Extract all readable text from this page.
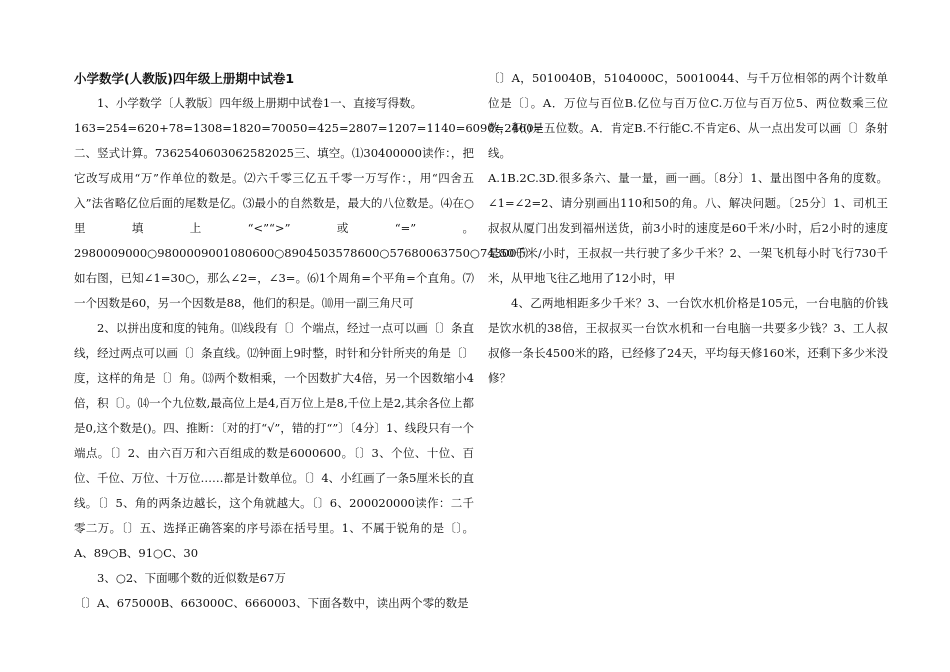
小学数学(人教版)四年级上册期中试卷1

1、小学数学〔人教版〕四年级上册期中试卷1一、直接写得数。

163=254=620+78=1308=1820=70050=425=2807=1207=1140=6090=2460=二、竖式计算。7362540603062582025三、填空。⑴30400000读作：，把它改写成用“万”作单位的数是。⑵六千零三亿五千零一万写作：，用“四舍五入”法省略亿位后面的尾数是亿。⑶最小的自然数是，最大的八位数是。⑷在○里填上“<”“>”或“=”。2980009000○9800009001080600○8904503578600○57680063750○74300⑸如右图，已知∠1=30○，那么∠2=，∠3=。⑹1个周角=个平角=个直角。⑺一个因数是60，另一个因数是88，他们的积是。⑽用一副三角尺可

2、以拼出度和度的钝角。⑾线段有〔〕个端点，经过一点可以画〔〕条直线，经过两点可以画〔〕条直线。⑿钟面上9时整，时针和分针所夹的角是〔〕度，这样的角是〔〕角。⒀两个数相乘，一个因数扩大4倍，另一个因数缩小4倍，积〔〕。⒁一个九位数,最高位上是4,百万位上是8,千位上是2,其余各位上都是0,这个数是()。四、推断：〔对的打“√”，错的打“”〕〔4分〕1、线段只有一个端点。〔〕2、由六百万和六百组成的数是6000600。〔〕3、个位、十位、百位、千位、万位、十万位……都是计数单位。〔〕4、小红画了一条5厘米长的直线。〔〕5、角的两条边越长，这个角就越大。〔〕6、200020000读作：二千零二万。〔〕五、选择正确答案的序号添在括号里。1、不属于锐角的是〔〕。A、89○B、91○C、30

3、○2、下面哪个数的近似数是67万

〔〕A、675000B、663000C、6660003、下面各数中，读出两个零的数是

〔〕A，5010040B，5104000C，50010044、与千万位相邻的两个计数单位是〔〕。A．万位与百位B.亿位与百万位C.万位与百万位5、两位数乘三位数，积()是五位数。A．肯定B.不行能C.不肯定6、从一点出发可以画〔〕条射线。

A.1B.2C.3D.很多条六、量一量，画一画。〔8分〕1、量出图中各角的度数。∠1=∠2=2、请分别画出110和50的角。八、解决问题。〔25分〕1、司机王叔叔从厦门出发到福州送货，前3小时的速度是60千米/小时，后2小时的速度是50千米/小时，王叔叔一共行驶了多少千米？2、一架飞机每小时飞行730千米，从甲地飞往乙地用了12小时，甲

4、乙两地相距多少千米？3、一台饮水机价格是105元，一台电脑的价钱是饮水机的38倍，王叔叔买一台饮水机和一台电脑一共要多少钱？3、工人叔叔修一条长4500米的路，已经修了24天，平均每天修160米，还剩下多少米没修？
